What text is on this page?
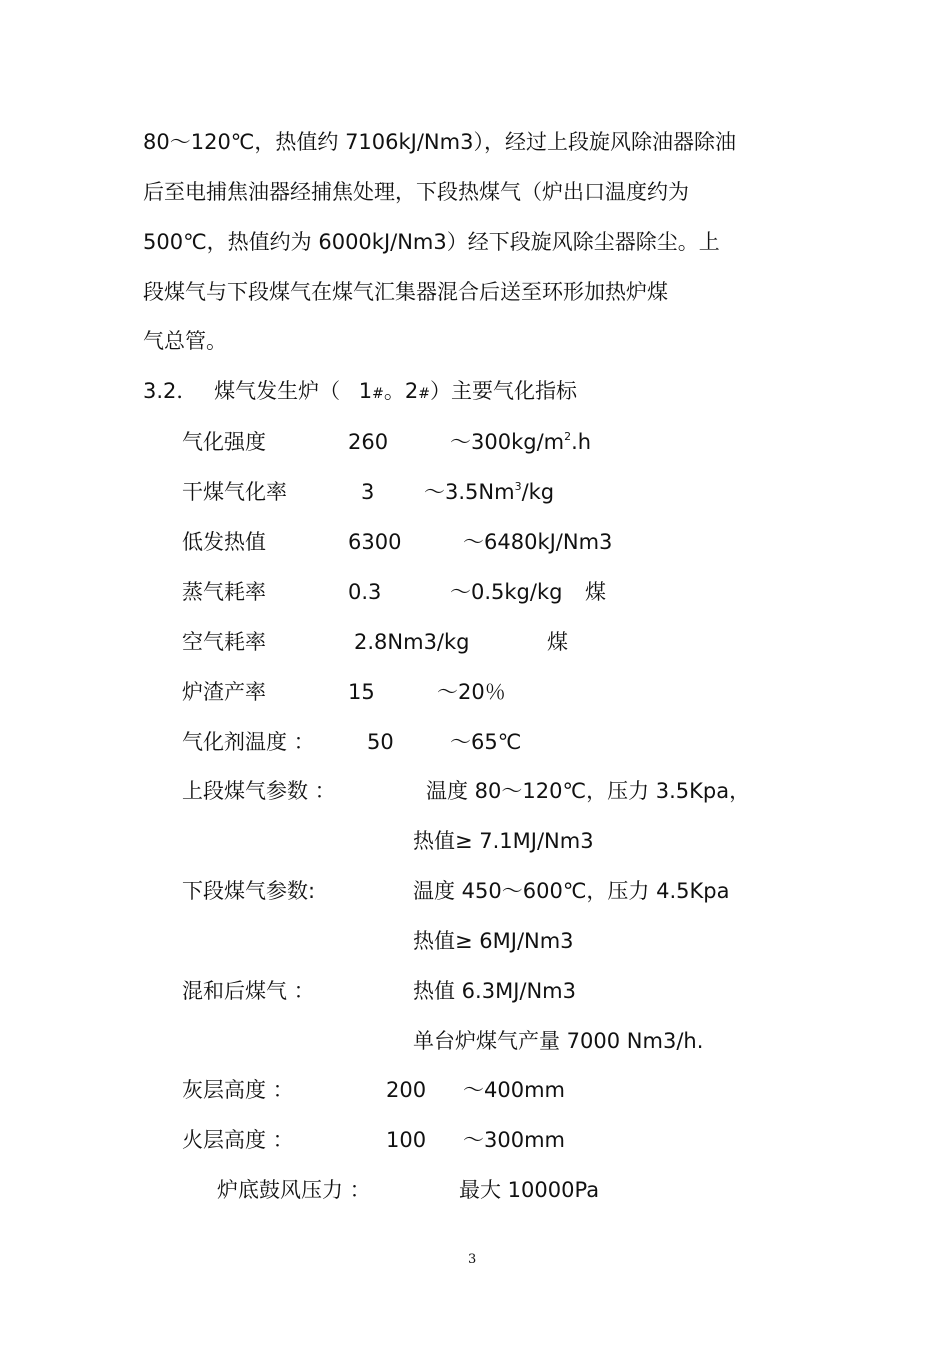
80～120℃，热值约 7106kJ/Nm3），经过上段旋风除油器除油
后至电捕焦油器经捕焦处理，下段热煤气（炉出口温度约为
500℃，热值约为 6000kJ/Nm3）经下段旋风除尘器除尘。上
段煤气与下段煤气在煤气汇集器混合后送至环形加热炉煤
气总管。
3.2． 煤气发生炉（ 1#。2#）主要气化指标
气化强度	260	$\sim 300kg/m^2.h$
干煤气化率	3 ～3.5Nm$^3$/kg
低发热值	6300	～6480kJ/Nm3
蒸气耗率	0.3	～0.5kg/kg 煤
空气耗率	2.8Nm3/kg	煤
炉渣产率	15	～20％
气化剂温度 ： 50	～65℃
上段煤气参数 ：	温度 80～120℃，压力 3.5Kpa，
热值≥ 7.1MJ/Nm3
下段煤气参数:	温度 450～600℃，压力 4.5Kpa
热值≥ 6MJ/Nm3
混和后煤气 ：	热值 6.3MJ/Nm3
单台炉煤气产量 7000 Nm3/h.
灰层高度 ：	200 ～400mm
火层高度 ：	100 ～300mm
炉底鼓风压力 ：	最大 10000Pa
3
